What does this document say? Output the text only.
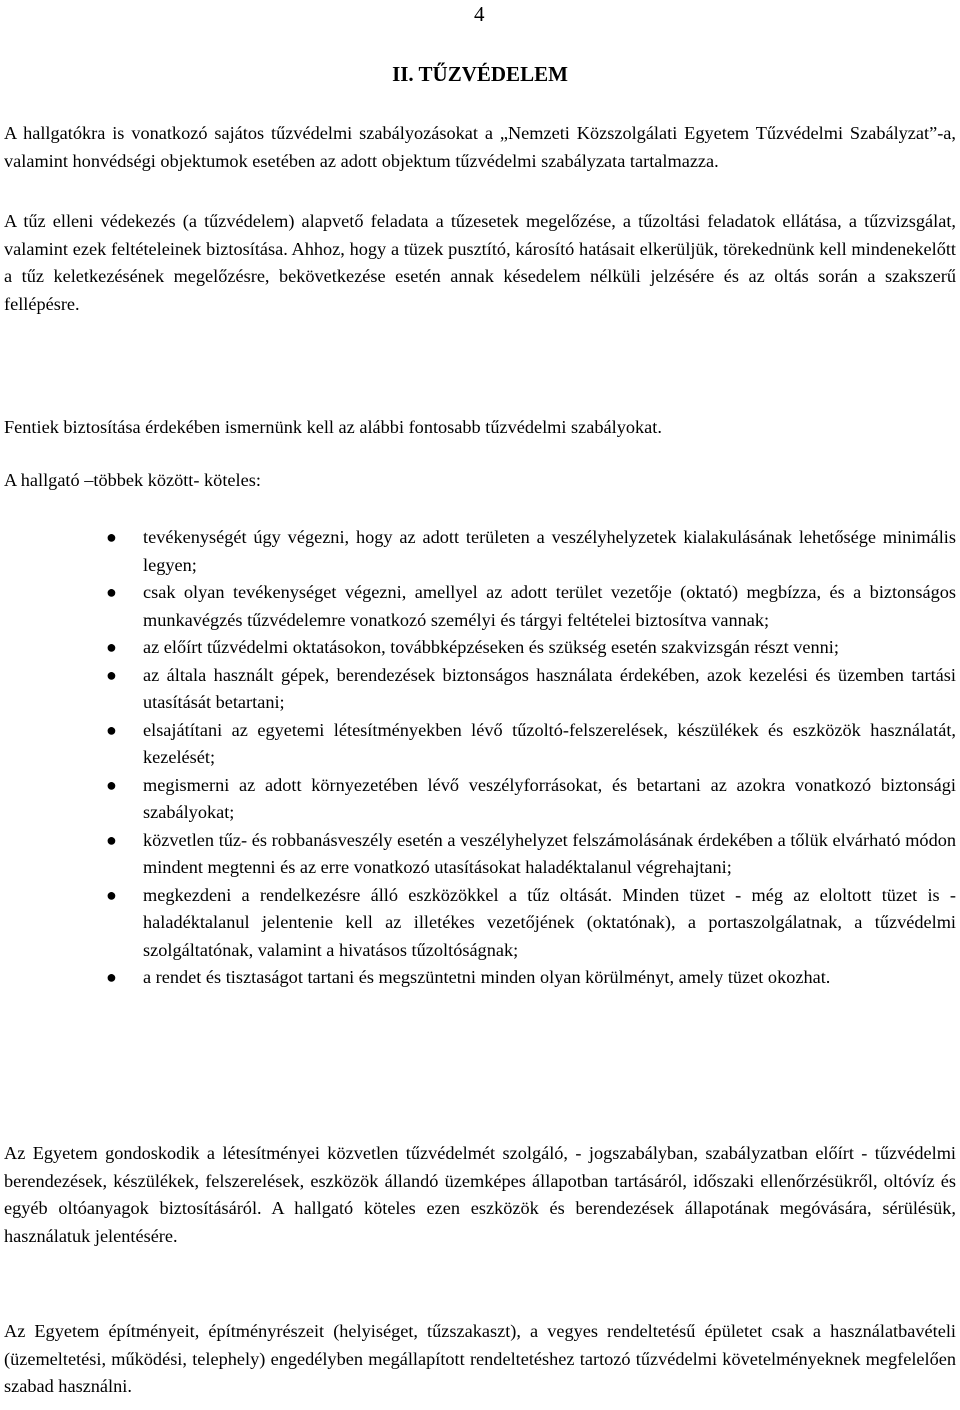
4
II. TŰZVÉDELEM

A hallgatókra is vonatkozó sajátos tűzvédelmi szabályozásokat a „Nemzeti Közszolgálati Egyetem Tűzvédelmi Szabályzat”-a, valamint honvédségi objektumok esetében az adott objektum tűzvédelmi szabályzata tartalmazza.

A tűz elleni védekezés (a tűzvédelem) alapvető feladata a tűzesetek megelőzése, a tűzoltási feladatok ellátása, a tűzvizsgálat, valamint ezek feltételeinek biztosítása. Ahhoz, hogy a tüzek pusztító, károsító hatásait elkerüljük, törekednünk kell mindenekelőtt a tűz keletkezésének megelőzésre, bekövetkezése esetén annak késedelem nélküli jelzésére és az oltás során a szakszerű fellépésre.

Fentiek biztosítása érdekében ismernünk kell az alábbi fontosabb tűzvédelmi szabályokat.

A hallgató –többek között- köteles:

● tevékenységét úgy végezni, hogy az adott területen a veszélyhelyzetek kialakulásának lehetősége minimális legyen;
● csak olyan tevékenységet végezni, amellyel az adott terület vezetője (oktató) megbízza, és a biztonságos munkavégzés tűzvédelemre vonatkozó személyi és tárgyi feltételei biztosítva vannak;
● az előírt tűzvédelmi oktatásokon, továbbképzéseken és szükség esetén szakvizsgán részt venni;
● az általa használt gépek, berendezések biztonságos használata érdekében, azok kezelési és üzemben tartási utasítását betartani;
● elsajátítani az egyetemi létesítményekben lévő tűzoltó-felszerelések, készülékek és eszközök használatát, kezelését;
● megismerni az adott környezetében lévő veszélyforrásokat, és betartani az azokra vonatkozó biztonsági szabályokat;
● közvetlen tűz- és robbanásveszély esetén a veszélyhelyzet felszámolásának érdekében a tőlük elvárható módon mindent megtenni és az erre vonatkozó utasításokat haladéktalanul végrehajtani;
● megkezdeni a rendelkezésre álló eszközökkel a tűz oltását. Minden tüzet - még az eloltott tüzet is - haladéktalanul jelentenie kell az illetékes vezetőjének (oktatónak), a portaszolgálatnak, a tűzvédelmi szolgáltatónak, valamint a hivatásos tűzoltóságnak;
● a rendet és tisztaságot tartani és megszüntetni minden olyan körülményt, amely tüzet okozhat.

Az Egyetem gondoskodik a létesítményei közvetlen tűzvédelmét szolgáló, - jogszabályban, szabályzatban előírt - tűzvédelmi berendezések, készülékek, felszerelések, eszközök állandó üzemképes állapotban tartásáról, időszaki ellenőrzésükről, oltóvíz és egyéb oltóanyagok biztosításáról. A hallgató köteles ezen eszközök és berendezések állapotának megóvására, sérülésük, használatuk jelentésére.

Az Egyetem építményeit, építményrészeit (helyiséget, tűzszakaszt), a vegyes rendeltetésű épületet csak a használatbavételi (üzemeltetési, működési, telephely) engedélyben megállapított rendeltetéshez tartozó tűzvédelmi követelményeknek megfelelően szabad használni.
